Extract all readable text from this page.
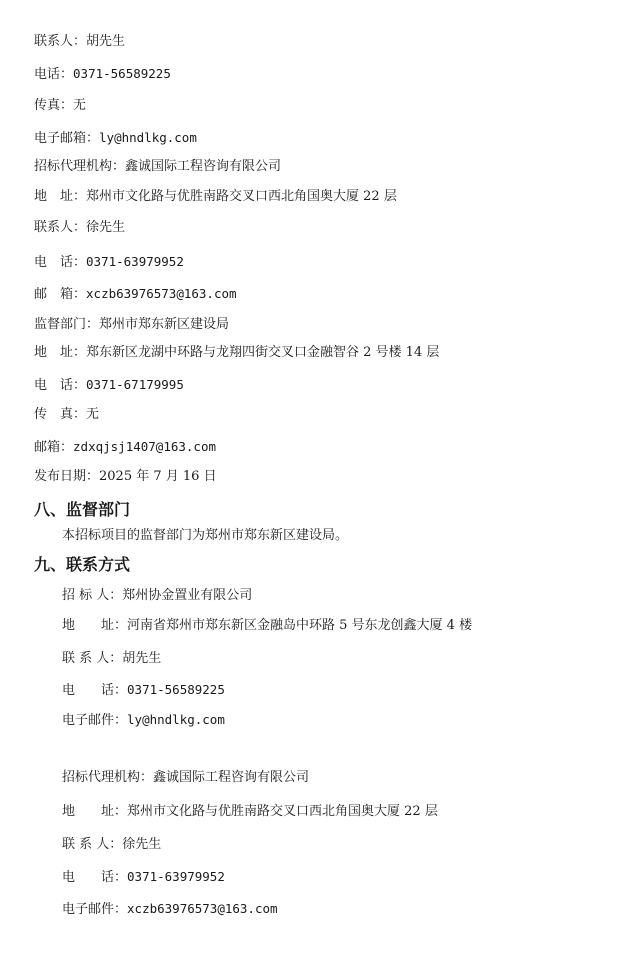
联系人：胡先生
电话：0371-56589225
传真：无
电子邮箱：ly@hndlkg.com
招标代理机构：鑫诚国际工程咨询有限公司
地　址：郑州市文化路与优胜南路交叉口西北角国奥大厦 22 层
联系人：徐先生
电　话：0371-63979952
邮　箱：xczb63976573@163.com
监督部门：郑州市郑东新区建设局
地　址：郑东新区龙湖中环路与龙翔四街交叉口金融智谷 2 号楼 14 层
电　话：0371-67179995
传　真：无
邮箱：zdxqjsj1407@163.com
发布日期：2025 年 7 月 16 日
八、监督部门
本招标项目的监督部门为郑州市郑东新区建设局。
九、联系方式
招 标 人：郑州协金置业有限公司
地　　址：河南省郑州市郑东新区金融岛中环路 5 号东龙创鑫大厦 4 楼
联 系 人：胡先生
电　　话：0371-56589225
电子邮件：ly@hndlkg.com
招标代理机构：鑫诚国际工程咨询有限公司
地　　址：郑州市文化路与优胜南路交叉口西北角国奥大厦 22 层
联 系 人：徐先生
电　　话：0371-63979952
电子邮件：xczb63976573@163.com
